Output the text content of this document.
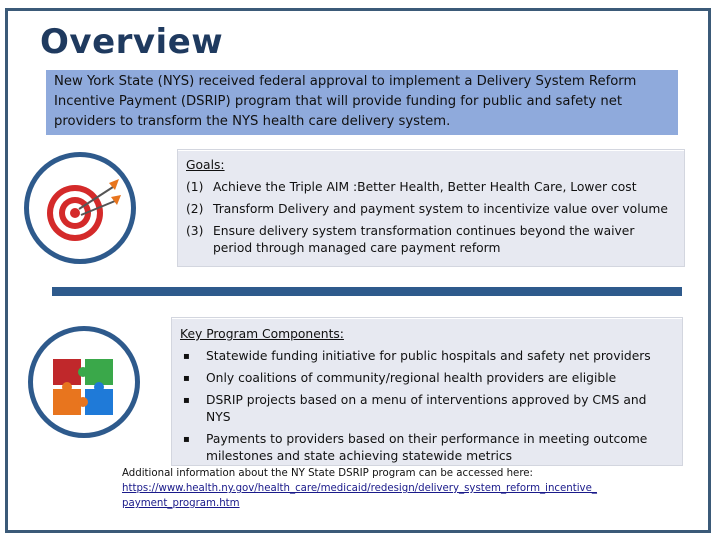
Overview
New York State (NYS) received federal approval to implement a Delivery System Reform Incentive Payment (DSRIP) program that will provide funding for public and safety net providers to transform the NYS health care delivery system.
Goals:
(1) Achieve the Triple AIM :Better Health, Better Health Care, Lower cost
(2) Transform Delivery and payment system to incentivize value over volume
(3) Ensure delivery system transformation continues beyond the waiver period through managed care payment reform
Key Program Components:
▪	Statewide funding initiative for public hospitals and safety net providers
▪	Only coalitions of community/regional health providers are eligible
▪	DSRIP projects based on a menu of interventions approved by CMS and NYS
▪	Payments to providers based on their performance in meeting outcome milestones and state achieving statewide metrics
Additional information about the NY State DSRIP program can be accessed here:
https://www.health.ny.gov/health_care/medicaid/redesign/delivery_system_reform_incentive_payment_program.htm
